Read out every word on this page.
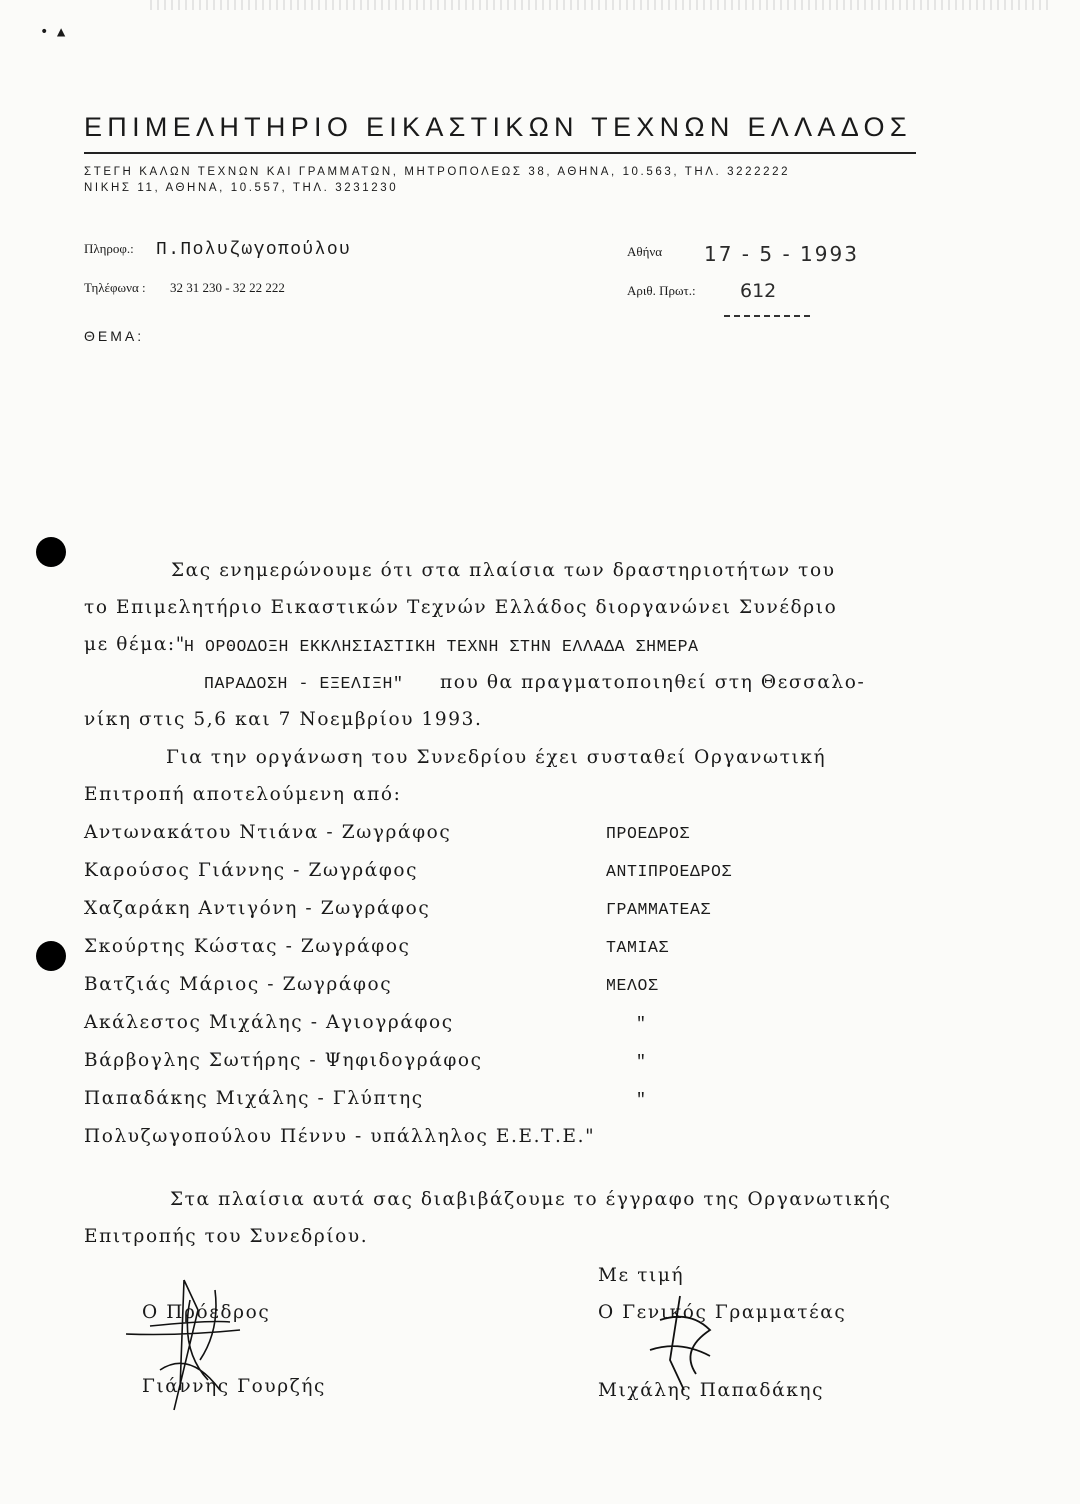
• ▲
ΕΠΙΜΕΛΗΤΗΡΙΟ ΕΙΚΑΣΤΙΚΩΝ ΤΕΧΝΩΝ ΕΛΛΑΔΟΣ
ΣΤΕΓΗ ΚΑΛΩΝ ΤΕΧΝΩΝ ΚΑΙ ΓΡΑΜΜΑΤΩΝ, ΜΗΤΡΟΠΟΛΕΩΣ 38, ΑΘΗΝΑ, 10.563, ΤΗΛ. 3222222
ΝΙΚΗΣ 11, ΑΘΗΝΑ, 10.557, ΤΗΛ. 3231230
Πληροφ.: Π.Πολυζωγοπούλου
Τηλέφωνα : 32 31 230 - 32 22 222
Αθήνα 17 - 5 - 1993
Αριθ. Πρωτ.: 612
ΘΕΜΑ:
Σας ενημερώνουμε ότι στα πλαίσια των δραστηριοτήτων του
το Επιμελητήριο Εικαστικών Τεχνών Ελλάδος διοργανώνει Συνέδριο
με θέμα:"
Η ΟΡΘΟΔΟΞΗ ΕΚΚΛΗΣΙΑΣΤΙΚΗ ΤΕΧΝΗ ΣΤΗΝ ΕΛΛΑΔΑ ΣΗΜΕΡΑ
ΠΑΡΑΔΟΣΗ - ΕΞΕΛΙΞΗ" που θα πραγματοποιηθεί στη Θεσσαλο-
νίκη στις 5,6 και 7 Νοεμβρίου 1993.
Για την οργάνωση του Συνεδρίου έχει συσταθεί Οργανωτική
Επιτροπή αποτελούμενη από:
Αντωνακάτου Ντιάνα - Ζωγράφος	ΠΡΟΕΔΡΟΣ
Καρούσος Γιάννης - Ζωγράφος	ΑΝΤΙΠΡΟΕΔΡΟΣ
Χαζαράκη Αντιγόνη - Ζωγράφος	ΓΡΑΜΜΑΤΕΑΣ
Σκούρτης Κώστας - Ζωγράφος	ΤΑΜΙΑΣ
Βατζιάς Μάριος - Ζωγράφος	ΜΕΛΟΣ
Ακάλεστος Μιχάλης - Αγιογράφος	"
Βάρβογλης Σωτήρης - Ψηφιδογράφος	"
Παπαδάκης Μιχάλης - Γλύπτης	"
Πολυζωγοπούλου Πέννυ - υπάλληλος Ε.Ε.Τ.Ε."
Στα πλαίσια αυτά σας διαβιβάζουμε το έγγραφο της Οργανωτικής
Επιτροπής του Συνεδρίου.
Με τιμή
Ο Πρόεδρος	Ο Γενικός Γραμματέας
Γιάννης Γουρζής	Μιχάλης Παπαδάκης
